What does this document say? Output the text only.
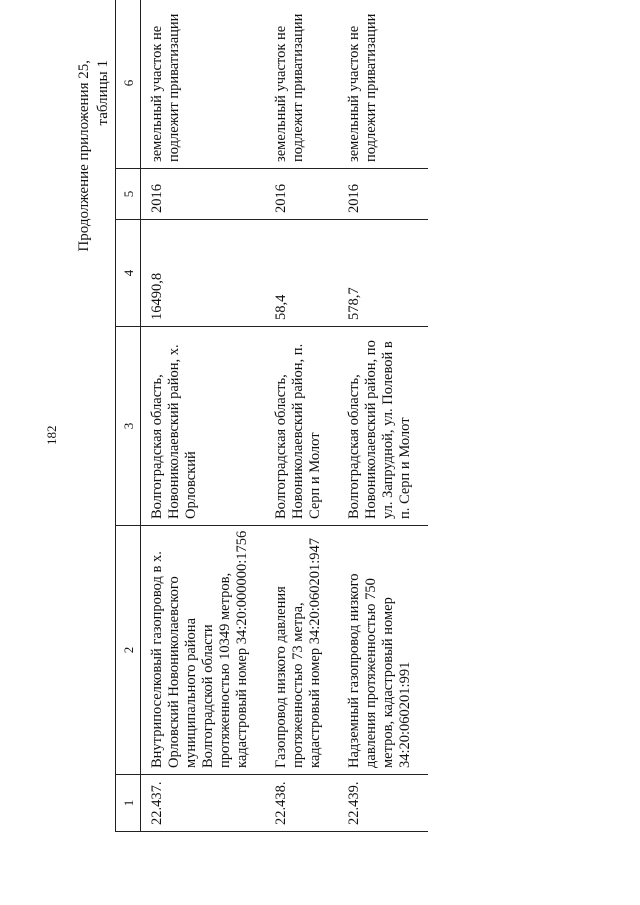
182
Продолжение приложения 25, таблицы 1
1	2	3	4	5	6
22.437.	Внутрипоселковый газопровод в х. Орловский Новониколаевского муниципального района Волгоградской области протяженностью 10349 метров, кадастровый номер 34:20:000000:1756	Волгоградская область, Новониколаевский район, х. Орловский	16490,8	2016	земельный участок не подлежит приватизации
22.438.	Газопровод низкого давления протяженностью 73 метра, кадастровый номер 34:20:060201:947	Волгоградская область, Новониколаевский район, п. Серп и Молот	58,4	2016	земельный участок не подлежит приватизации
22.439.	Надземный газопровод низкого давления протяженностью 750 метров, кадастровый номер 34:20:060201:991	Волгоградская область, Новониколаевский район, по ул. Запрудной, ул. Полевой в п. Серп и Молот	578,7	2016	земельный участок не подлежит приватизации
